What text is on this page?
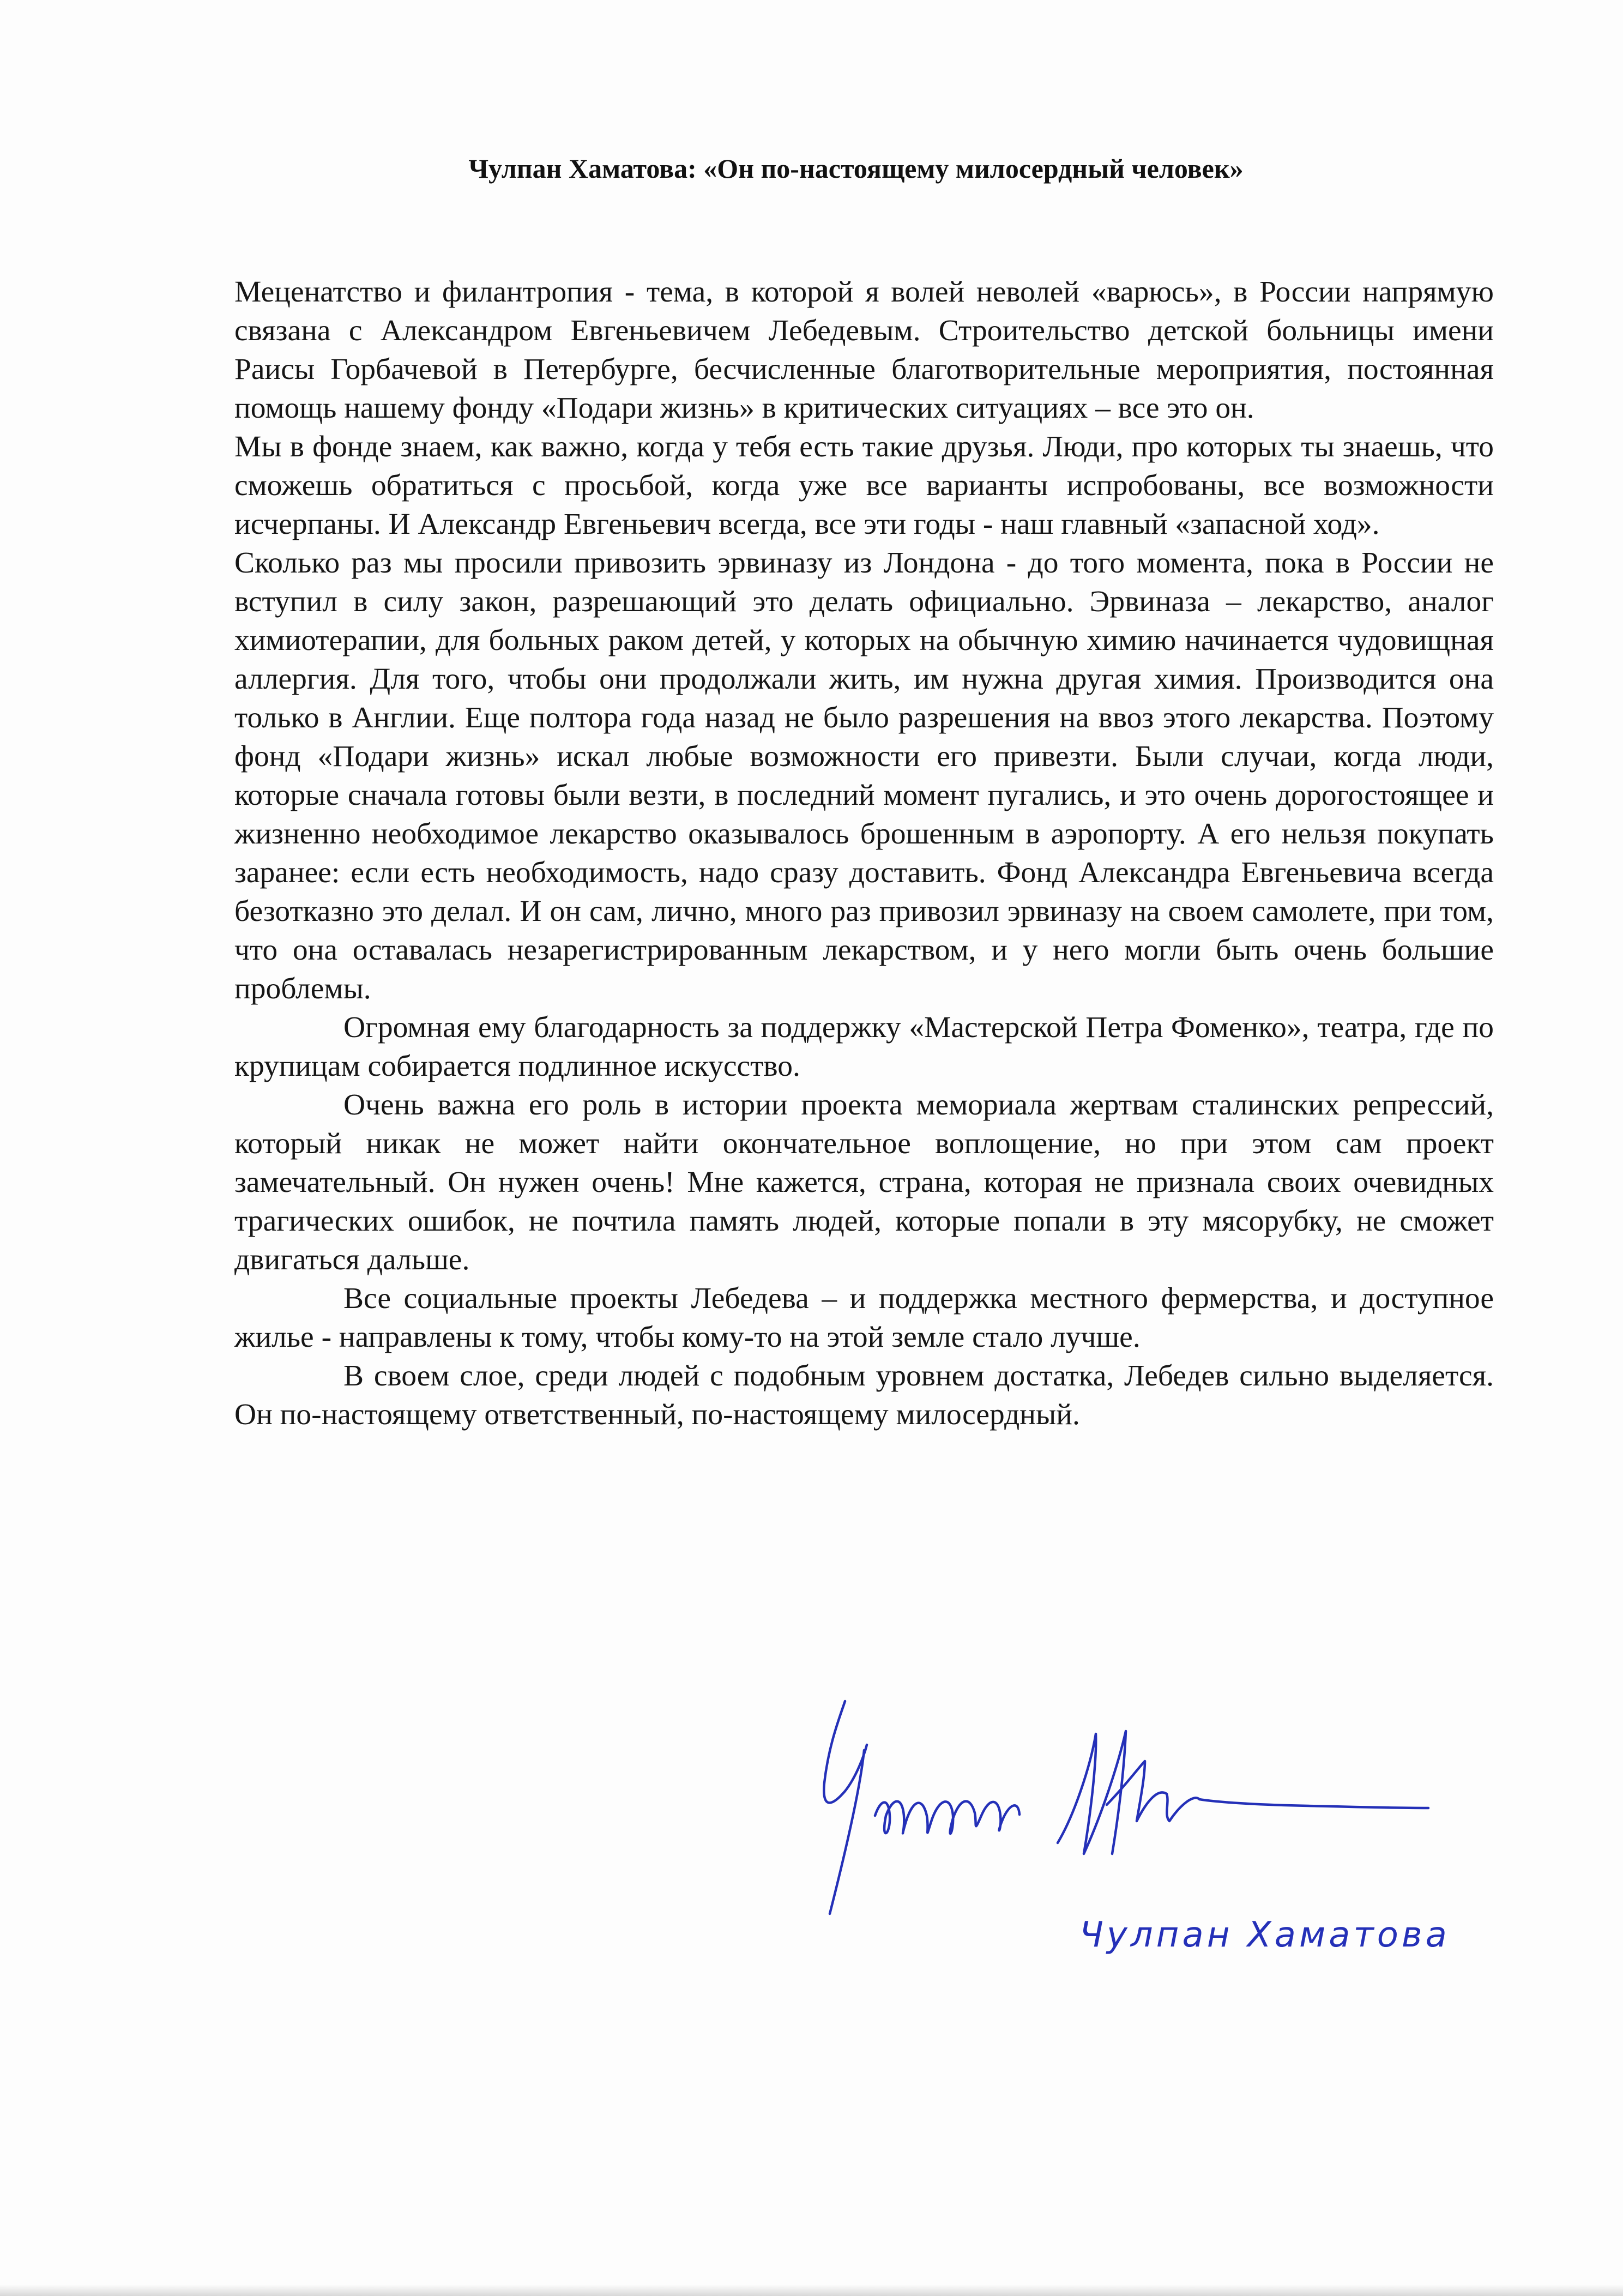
Чулпан Хаматова: «Он по-настоящему милосердный человек»

Меценатство и филантропия - тема, в которой я волей неволей «варюсь», в России напрямую связана с Александром Евгеньевичем Лебедевым. Строительство детской больницы имени Раисы Горбачевой в Петербурге, бесчисленные благотворительные мероприятия, постоянная помощь нашему фонду «Подари жизнь» в критических ситуациях – все это он.

Мы в фонде знаем, как важно, когда у тебя есть такие друзья. Люди, про которых ты знаешь, что сможешь обратиться с просьбой, когда уже все варианты испробованы, все возможности исчерпаны. И Александр Евгеньевич всегда, все эти годы - наш главный «запасной ход».

Сколько раз мы просили привозить эрвиназу из Лондона - до того момента, пока в России не вступил в силу закон, разрешающий это делать официально. Эрвиназа – лекарство, аналог химиотерапии, для больных раком детей, у которых на обычную химию начинается чудовищная аллергия. Для того, чтобы они продолжали жить, им нужна другая химия. Производится она только в Англии. Еще полтора года назад не было разрешения на ввоз этого лекарства. Поэтому фонд «Подари жизнь» искал любые возможности его привезти. Были случаи, когда люди, которые сначала готовы были везти, в последний момент пугались, и это очень дорогостоящее и жизненно необходимое лекарство оказывалось брошенным в аэропорту. А его нельзя покупать заранее: если есть необходимость, надо сразу доставить. Фонд Александра Евгеньевича всегда безотказно это делал. И он сам, лично, много раз привозил эрвиназу на своем самолете, при том, что она оставалась незарегистрированным лекарством, и у него могли быть очень большие проблемы.

Огромная ему благодарность за поддержку «Мастерской Петра Фоменко», театра, где по крупицам собирается подлинное искусство.

Очень важна его роль в истории проекта мемориала жертвам сталинских репрессий, который никак не может найти окончательное воплощение, но при этом сам проект замечательный. Он нужен очень! Мне кажется, страна, которая не признала своих очевидных трагических ошибок, не почтила память людей, которые попали в эту мясорубку, не сможет двигаться дальше.

Все социальные проекты Лебедева – и поддержка местного фермерства, и доступное жилье - направлены к тому, чтобы кому-то на этой земле стало лучше.

В своем слое, среди людей с подобным уровнем достатка, Лебедев сильно выделяется. Он по-настоящему ответственный, по-настоящему милосердный.

Чулпан Хаматова
